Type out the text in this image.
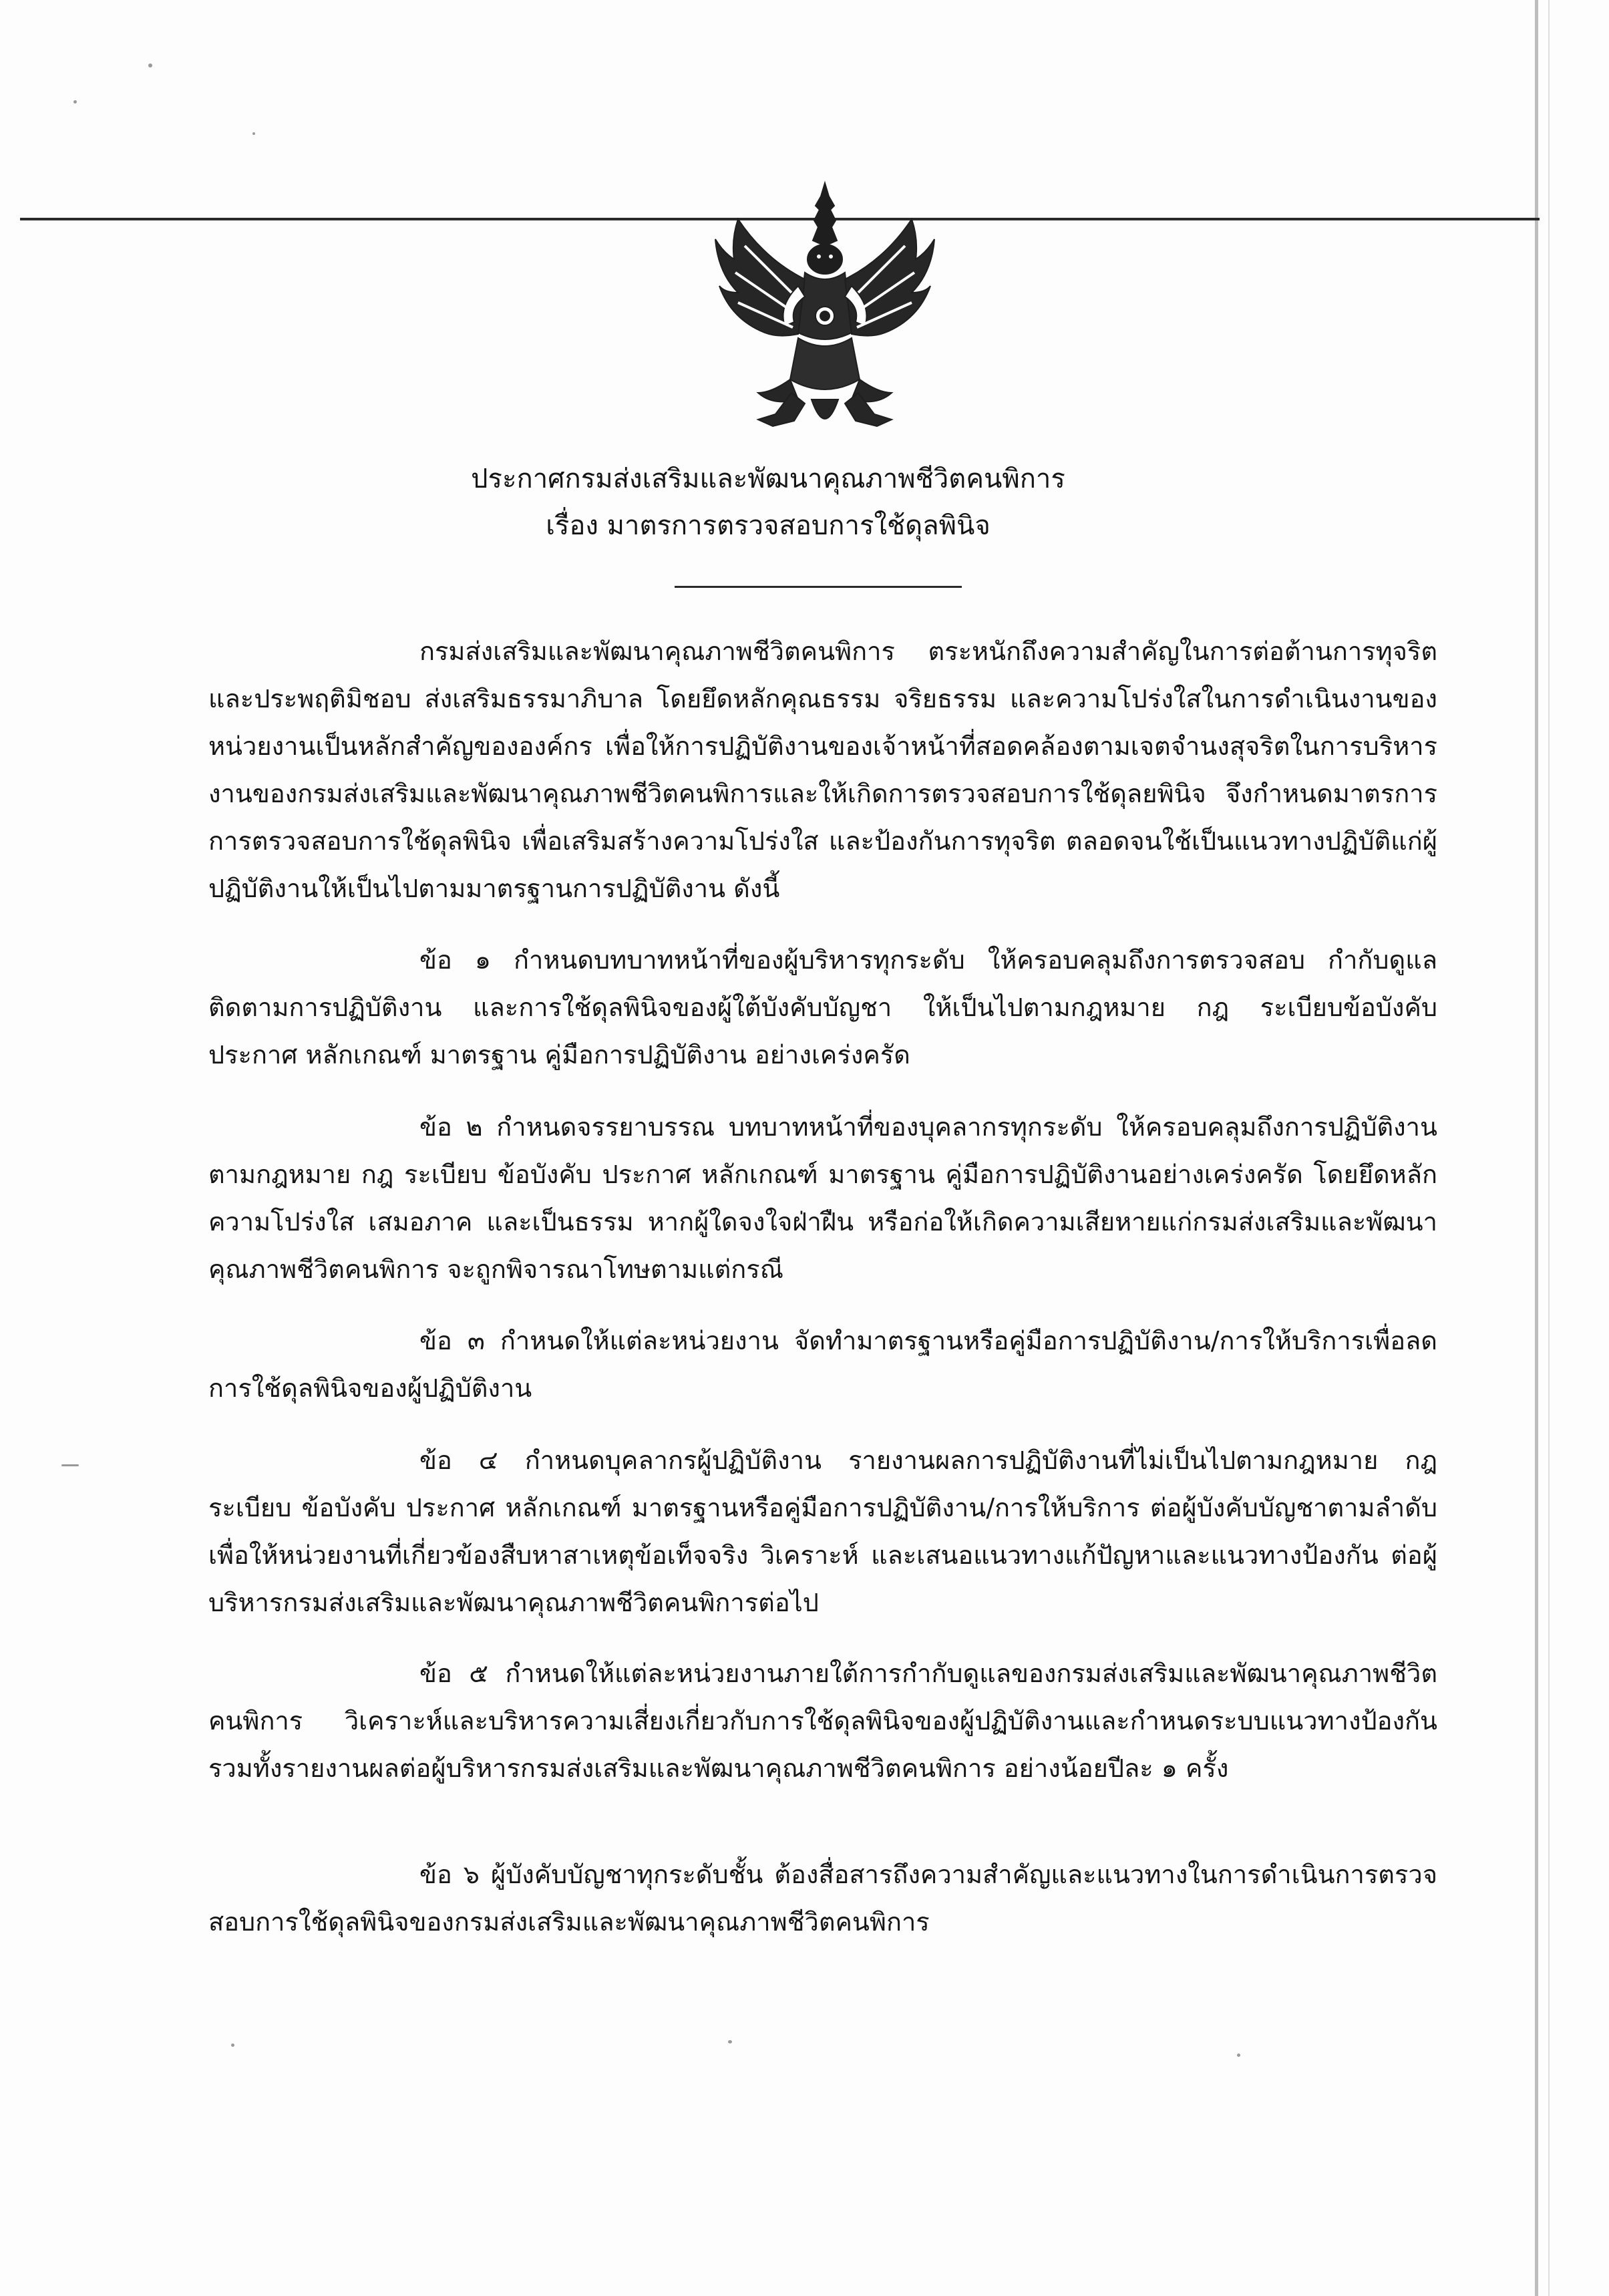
ประกาศกรมส่งเสริมและพัฒนาคุณภาพชีวิตคนพิการ
เรื่อง มาตรการตรวจสอบการใช้ดุลพินิจ

กรมส่งเสริมและพัฒนาคุณภาพชีวิตคนพิการ ตระหนักถึงความสำคัญในการต่อต้านการทุจริตและประพฤติมิชอบ ส่งเสริมธรรมาภิบาล โดยยึดหลักคุณธรรม จริยธรรม และความโปร่งใสในการดำเนินงานของหน่วยงานเป็นหลักสำคัญขององค์กร เพื่อให้การปฏิบัติงานของเจ้าหน้าที่สอดคล้องตามเจตจำนงสุจริตในการบริหารงานของกรมส่งเสริมและพัฒนาคุณภาพชีวิตคนพิการและให้เกิดการตรวจสอบการใช้ดุลยพินิจ จึงกำหนดมาตรการการตรวจสอบการใช้ดุลพินิจ เพื่อเสริมสร้างความโปร่งใส และป้องกันการทุจริต ตลอดจนใช้เป็นแนวทางปฏิบัติแก่ผู้ปฏิบัติงานให้เป็นไปตามมาตรฐานการปฏิบัติงาน ดังนี้

ข้อ ๑ กำหนดบทบาทหน้าที่ของผู้บริหารทุกระดับ ให้ครอบคลุมถึงการตรวจสอบ กำกับดูแล ติดตามการปฏิบัติงาน และการใช้ดุลพินิจของผู้ใต้บังคับบัญชา ให้เป็นไปตามกฎหมาย กฎ ระเบียบข้อบังคับ ประกาศ หลักเกณฑ์ มาตรฐาน คู่มือการปฏิบัติงาน อย่างเคร่งครัด

ข้อ ๒ กำหนดจรรยาบรรณ บทบาทหน้าที่ของบุคลากรทุกระดับ ให้ครอบคลุมถึงการปฏิบัติงานตามกฎหมาย กฎ ระเบียบ ข้อบังคับ ประกาศ หลักเกณฑ์ มาตรฐาน คู่มือการปฏิบัติงานอย่างเคร่งครัด โดยยึดหลักความโปร่งใส เสมอภาค และเป็นธรรม หากผู้ใดจงใจฝ่าฝืน หรือก่อให้เกิดความเสียหายแก่กรมส่งเสริมและพัฒนาคุณภาพชีวิตคนพิการ จะถูกพิจารณาโทษตามแต่กรณี

ข้อ ๓ กำหนดให้แต่ละหน่วยงาน จัดทำมาตรฐานหรือคู่มือการปฏิบัติงาน/การให้บริการเพื่อลดการใช้ดุลพินิจของผู้ปฏิบัติงาน

ข้อ ๔ กำหนดบุคลากรผู้ปฏิบัติงาน รายงานผลการปฏิบัติงานที่ไม่เป็นไปตามกฎหมาย กฎระเบียบ ข้อบังคับ ประกาศ หลักเกณฑ์ มาตรฐานหรือคู่มือการปฏิบัติงาน/การให้บริการ ต่อผู้บังคับบัญชาตามลำดับเพื่อให้หน่วยงานที่เกี่ยวข้องสืบหาสาเหตุข้อเท็จจริง วิเคราะห์ และเสนอแนวทางแก้ปัญหาและแนวทางป้องกัน ต่อผู้บริหารกรมส่งเสริมและพัฒนาคุณภาพชีวิตคนพิการต่อไป

ข้อ ๕ กำหนดให้แต่ละหน่วยงานภายใต้การกำกับดูแลของกรมส่งเสริมและพัฒนาคุณภาพชีวิตคนพิการ วิเคราะห์และบริหารความเสี่ยงเกี่ยวกับการใช้ดุลพินิจของผู้ปฏิบัติงานและกำหนดระบบแนวทางป้องกัน รวมทั้งรายงานผลต่อผู้บริหารกรมส่งเสริมและพัฒนาคุณภาพชีวิตคนพิการ อย่างน้อยปีละ ๑ ครั้ง

ข้อ ๖ ผู้บังคับบัญชาทุกระดับชั้น ต้องสื่อสารถึงความสำคัญและแนวทางในการดำเนินการตรวจสอบการใช้ดุลพินิจของกรมส่งเสริมและพัฒนาคุณภาพชีวิตคนพิการ
